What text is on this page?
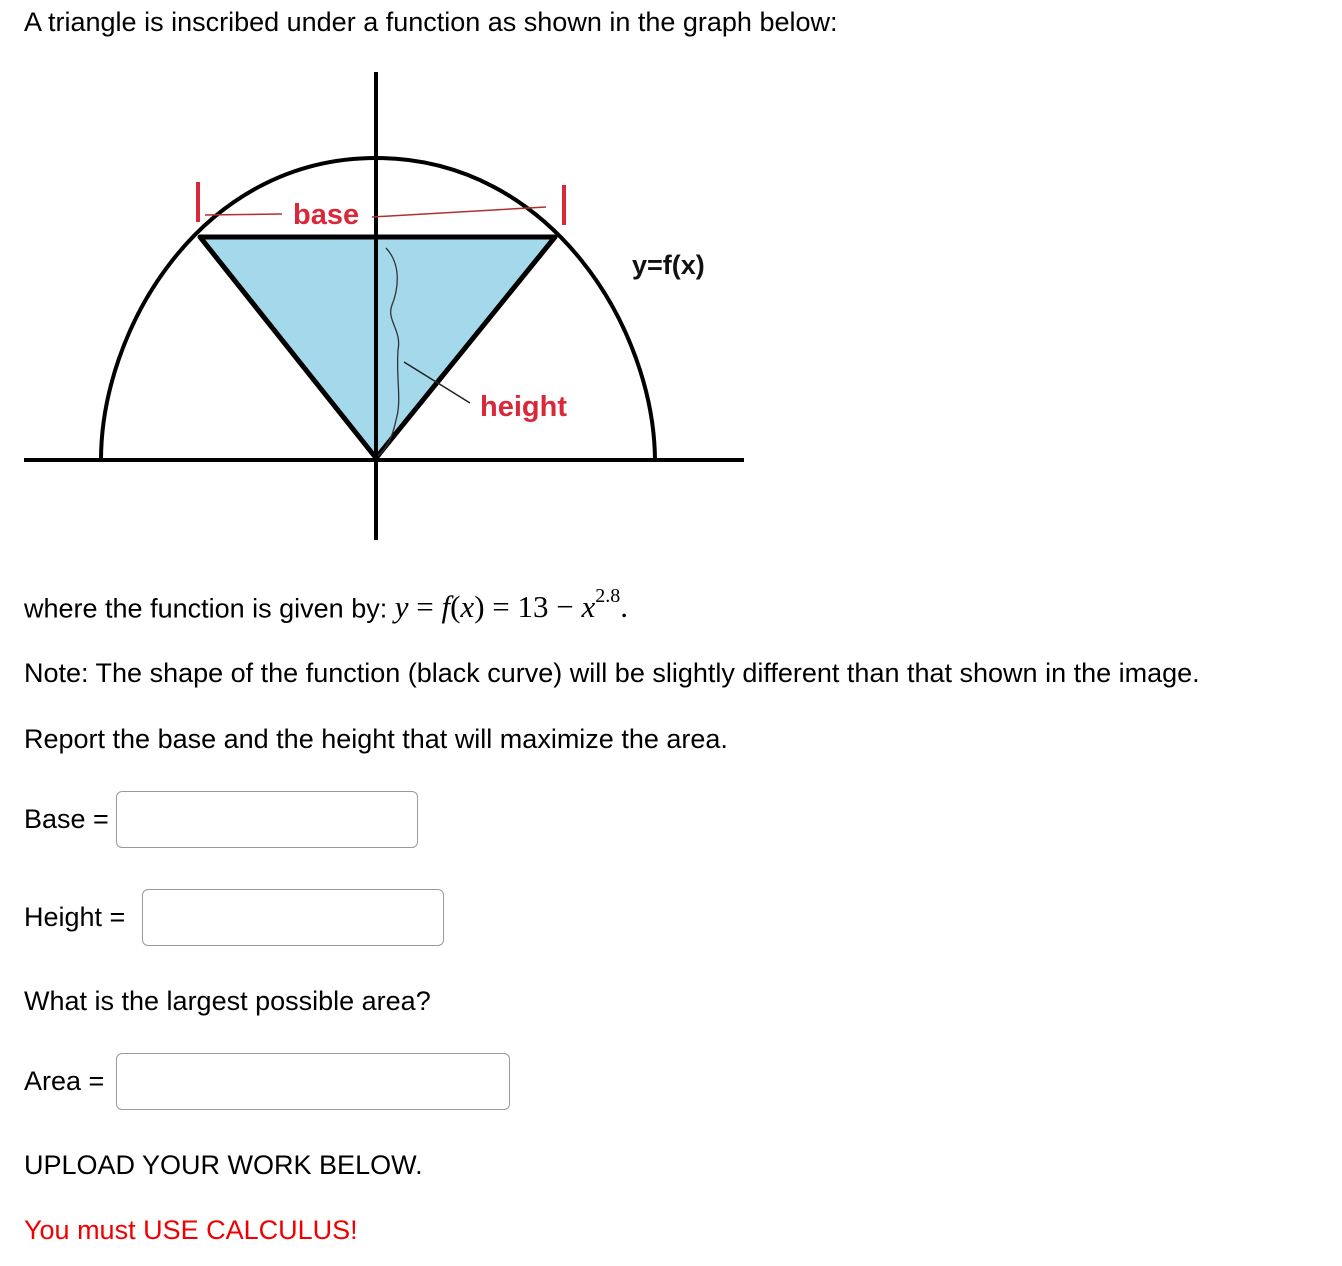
A triangle is inscribed under a function as shown in the graph below:
base
height
y=f(x)
where the function is given by: $y = f(x) = 13 - x^{2.8}$.
Note: The shape of the function (black curve) will be slightly different than that shown in the image.
Report the base and the height that will maximize the area.
Base =
Height =
What is the largest possible area?
Area =
UPLOAD YOUR WORK BELOW.
You must USE CALCULUS!
